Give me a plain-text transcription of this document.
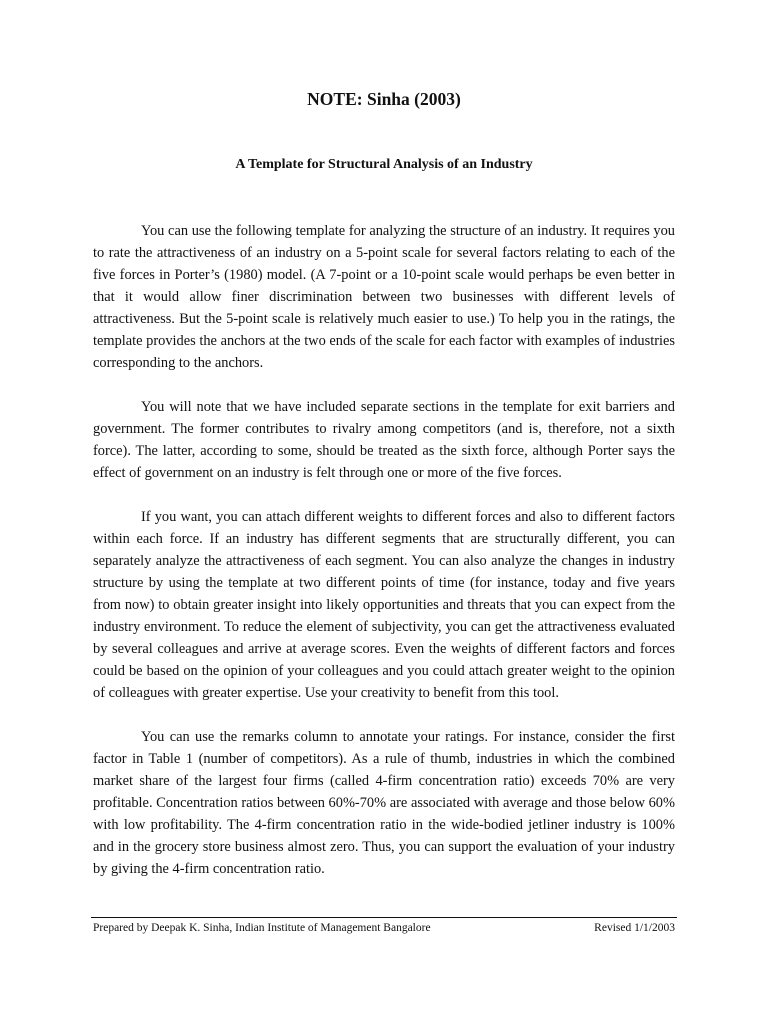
NOTE: Sinha (2003)
A Template for Structural Analysis of an Industry

You can use the following template for analyzing the structure of an industry. It requires you to rate the attractiveness of an industry on a 5-point scale for several factors relating to each of the five forces in Porter’s (1980) model. (A 7-point or a 10-point scale would perhaps be even better in that it would allow finer discrimination between two businesses with different levels of attractiveness. But the 5-point scale is relatively much easier to use.) To help you in the ratings, the template provides the anchors at the two ends of the scale for each factor with examples of industries corresponding to the anchors.

You will note that we have included separate sections in the template for exit barriers and government. The former contributes to rivalry among competitors (and is, therefore, not a sixth force). The latter, according to some, should be treated as the sixth force, although Porter says the effect of government on an industry is felt through one or more of the five forces.

If you want, you can attach different weights to different forces and also to different factors within each force. If an industry has different segments that are structurally different, you can separately analyze the attractiveness of each segment. You can also analyze the changes in industry structure by using the template at two different points of time (for instance, today and five years from now) to obtain greater insight into likely opportunities and threats that you can expect from the industry environment. To reduce the element of subjectivity, you can get the attractiveness evaluated by several colleagues and arrive at average scores. Even the weights of different factors and forces could be based on the opinion of your colleagues and you could attach greater weight to the opinion of colleagues with greater expertise. Use your creativity to benefit from this tool.

You can use the remarks column to annotate your ratings. For instance, consider the first factor in Table 1 (number of competitors). As a rule of thumb, industries in which the combined market share of the largest four firms (called 4-firm concentration ratio) exceeds 70% are very profitable. Concentration ratios between 60%-70% are associated with average and those below 60% with low profitability. The 4-firm concentration ratio in the wide-bodied jetliner industry is 100% and in the grocery store business almost zero. Thus, you can support the evaluation of your industry by giving the 4-firm concentration ratio.

Prepared by Deepak K. Sinha, Indian Institute of Management Bangalore	Revised 1/1/2003
